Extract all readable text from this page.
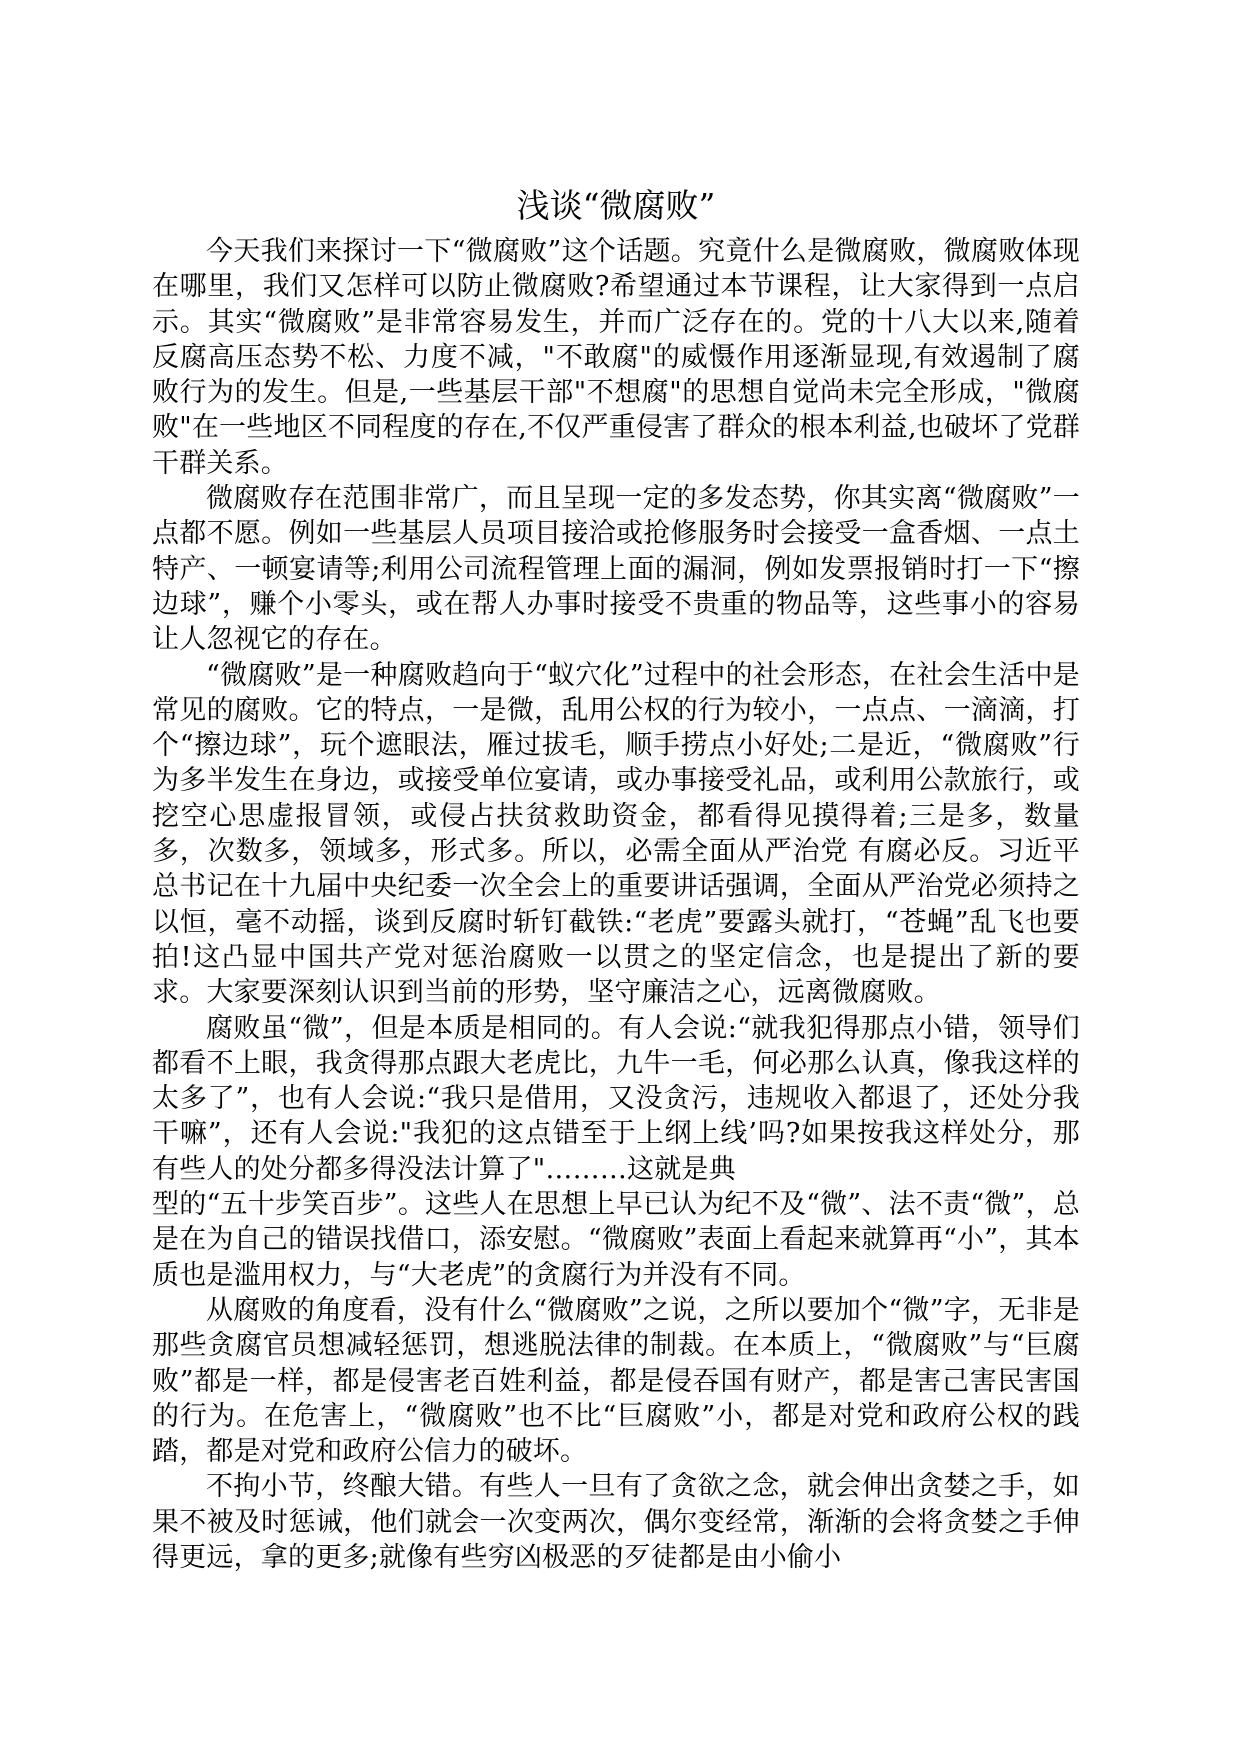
浅谈“微腐败”

今天我们来探讨一下“微腐败”这个话题。究竟什么是微腐败，微腐败体现在哪里，我们又怎样可以防止微腐败?希望通过本节课程，让大家得到一点启示。其实“微腐败”是非常容易发生，并而广泛存在的。党的十八大以来,随着反腐高压态势不松、力度不减，"不敢腐"的威慑作用逐渐显现,有效遏制了腐败行为的发生。但是,一些基层干部"不想腐"的思想自觉尚未完全形成，"微腐败"在一些地区不同程度的存在,不仅严重侵害了群众的根本利益,也破坏了党群干群关系。

微腐败存在范围非常广，而且呈现一定的多发态势，你其实离“微腐败”一点都不愿。例如一些基层人员项目接洽或抢修服务时会接受一盒香烟、一点土特产、一顿宴请等;利用公司流程管理上面的漏洞，例如发票报销时打一下“擦边球”，赚个小零头，或在帮人办事时接受不贵重的物品等，这些事小的容易让人忽视它的存在。

“微腐败”是一种腐败趋向于“蚁穴化”过程中的社会形态，在社会生活中是常见的腐败。它的特点，一是微，乱用公权的行为较小，一点点、一滴滴，打个“擦边球”，玩个遮眼法，雁过拔毛，顺手捞点小好处;二是近，“微腐败”行为多半发生在身边，或接受单位宴请，或办事接受礼品，或利用公款旅行，或挖空心思虚报冒领，或侵占扶贫救助资金，都看得见摸得着;三是多，数量多，次数多，领域多，形式多。所以，必需全面从严治党 有腐必反。习近平总书记在十九届中央纪委一次全会上的重要讲话强调，全面从严治党必须持之以恒，毫不动摇，谈到反腐时斩钉截铁:“老虎”要露头就打，“苍蝇”乱飞也要拍!这凸显中国共产党对惩治腐败一以贯之的坚定信念，也是提出了新的要求。大家要深刻认识到当前的形势，坚守廉洁之心，远离微腐败。

腐败虽“微”，但是本质是相同的。有人会说:“就我犯得那点小错，领导们都看不上眼，我贪得那点跟大老虎比，九牛一毛，何必那么认真，像我这样的太多了”，也有人会说:“我只是借用，又没贪污，违规收入都退了，还处分我干嘛”，还有人会说:"我犯的这点错至于上纲上线’吗?如果按我这样处分，那有些人的处分都多得没法计算了"………这就是典

型的“五十步笑百步”。这些人在思想上早已认为纪不及“微”、法不责“微”，总是在为自己的错误找借口，添安慰。“微腐败”表面上看起来就算再“小”，其本质也是滥用权力，与“大老虎”的贪腐行为并没有不同。

从腐败的角度看，没有什么“微腐败”之说，之所以要加个“微”字，无非是那些贪腐官员想减轻惩罚，想逃脱法律的制裁。在本质上，“微腐败”与“巨腐败”都是一样，都是侵害老百姓利益，都是侵吞国有财产，都是害己害民害国的行为。在危害上，“微腐败”也不比“巨腐败”小，都是对党和政府公权的践踏，都是对党和政府公信力的破坏。

不拘小节，终酿大错。有些人一旦有了贪欲之念，就会伸出贪婪之手，如果不被及时惩诫，他们就会一次变两次，偶尔变经常，渐渐的会将贪婪之手伸得更远，拿的更多;就像有些穷凶极恶的歹徒都是由小偷小
